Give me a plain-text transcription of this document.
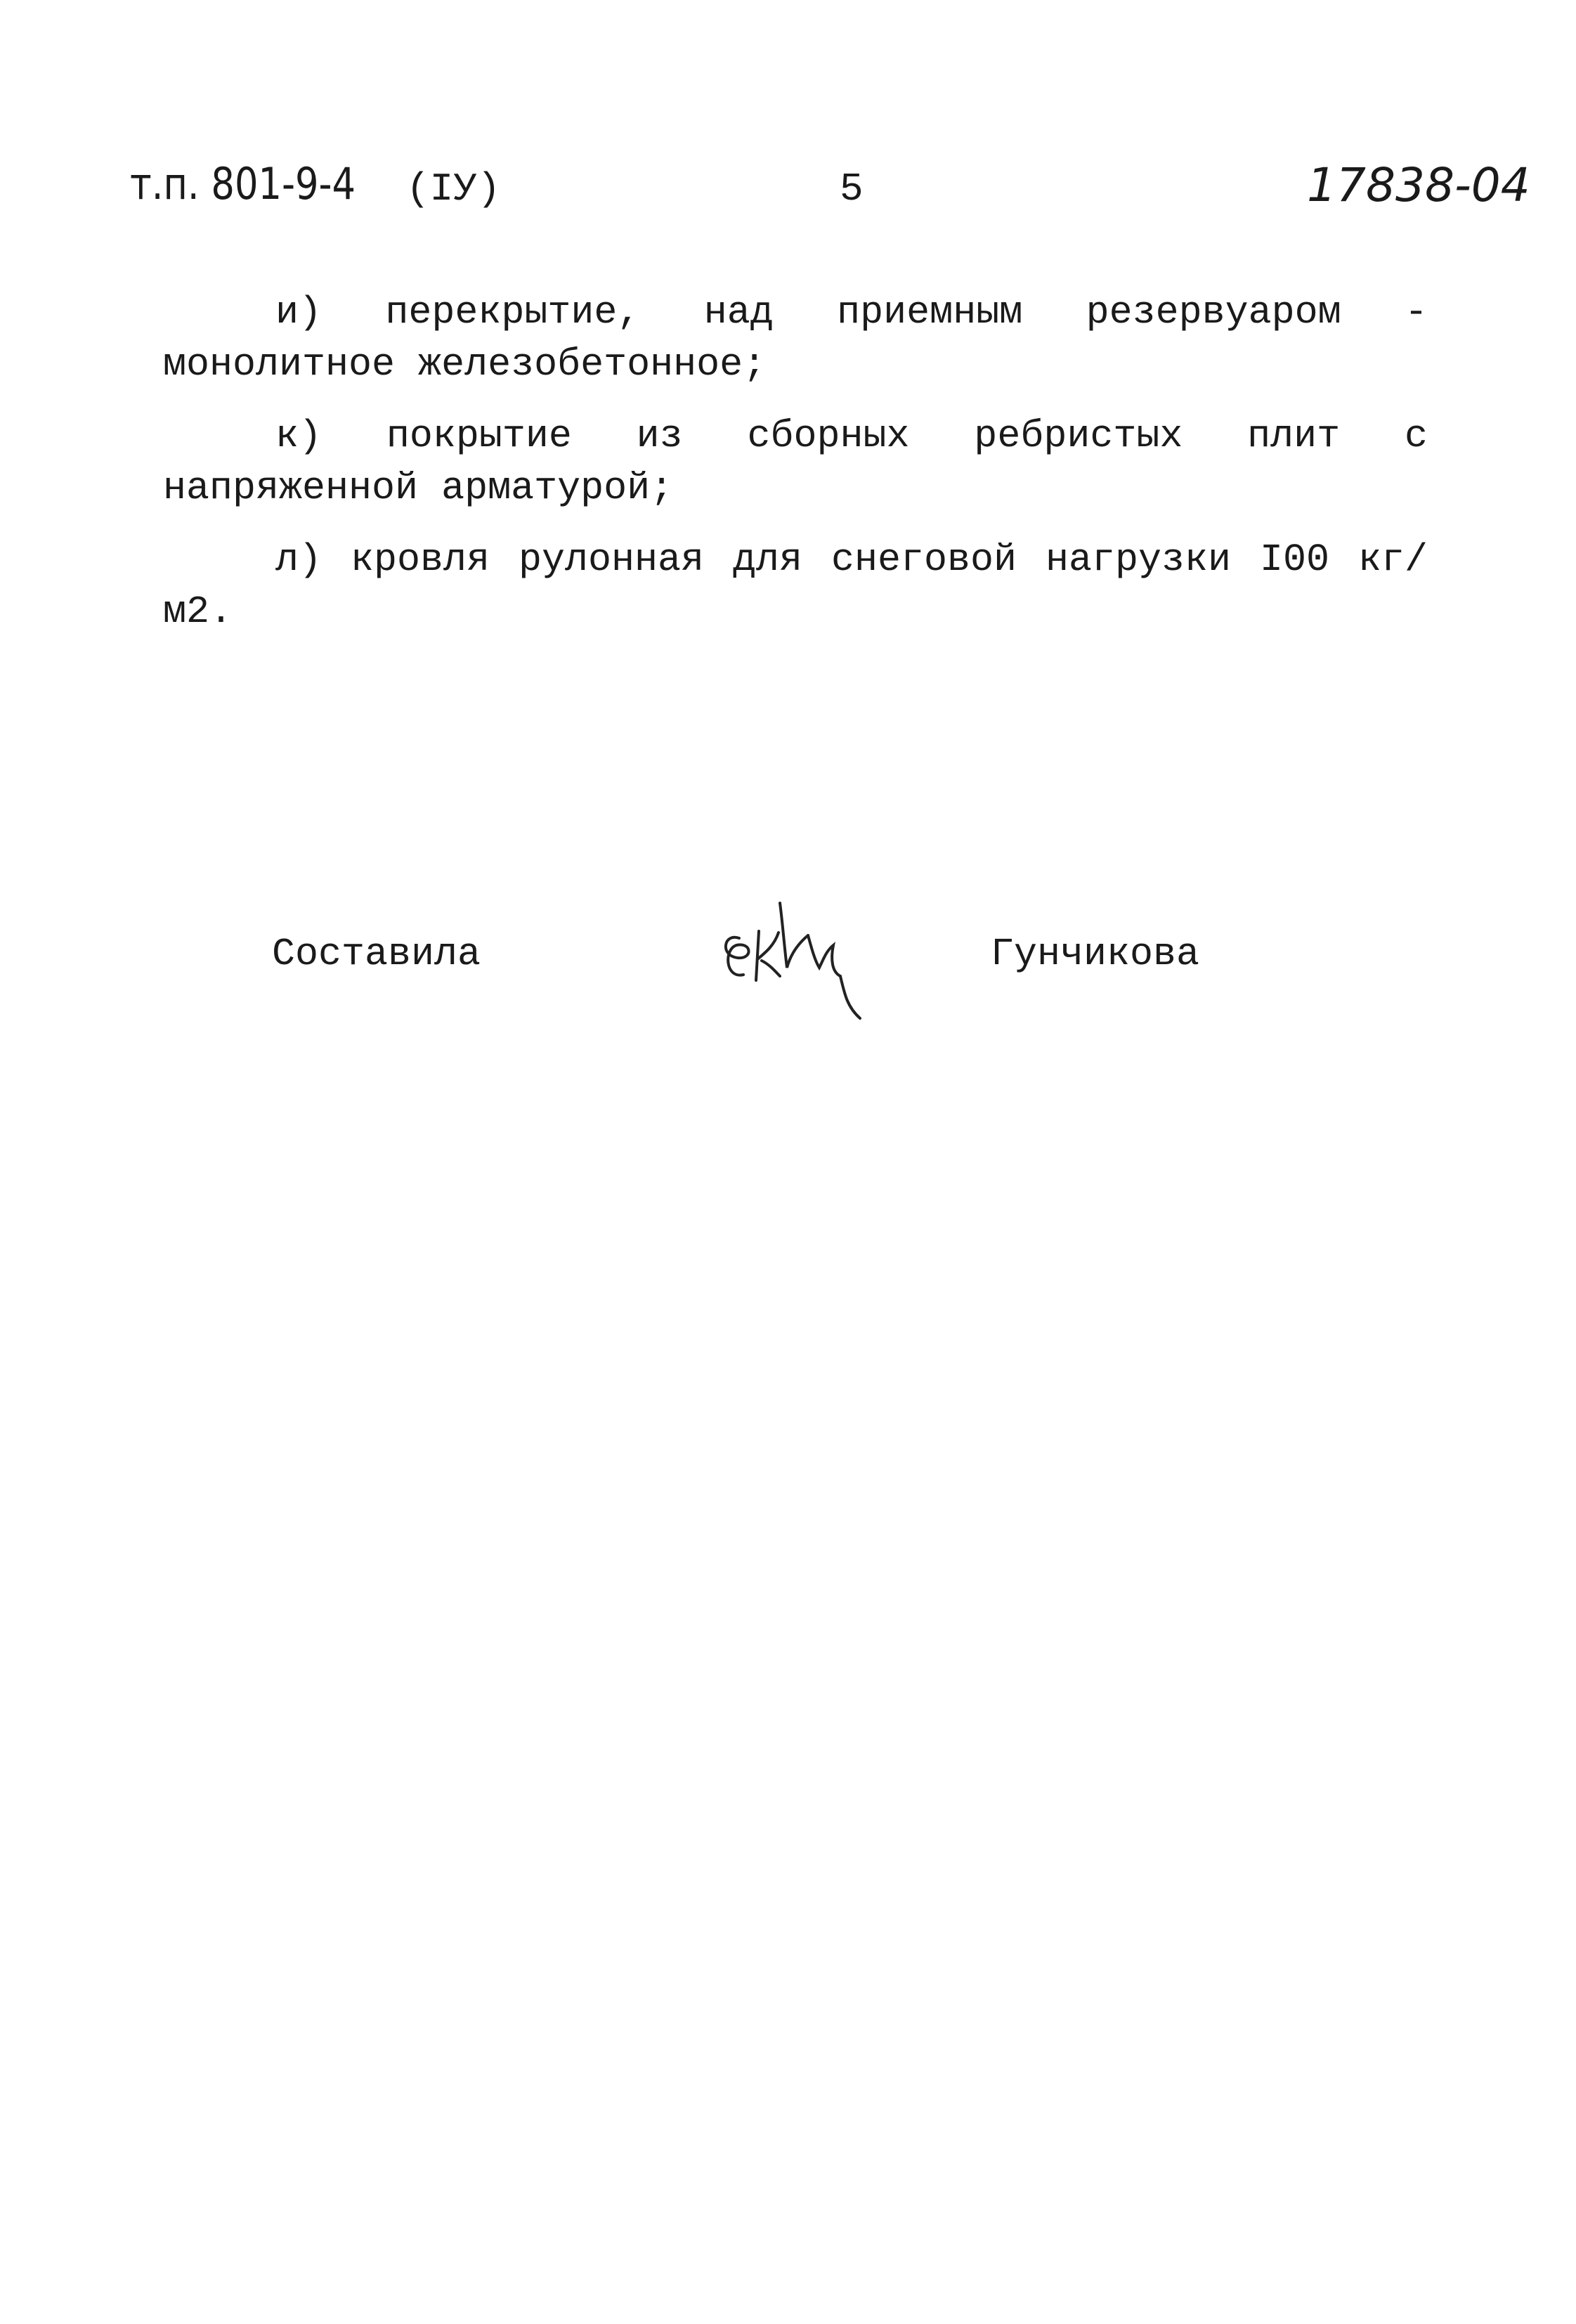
т.п. 801-9-4 (IУ)	5	17838-04

и) перекрытие, над приемным резервуаром - монолитное железобетонное;

к) покрытие из сборных ребристых плит с напряженной арматурой;

л) кровля рулонная для снеговой нагрузки I00 кг/м2.

Составила	Гунчикова
